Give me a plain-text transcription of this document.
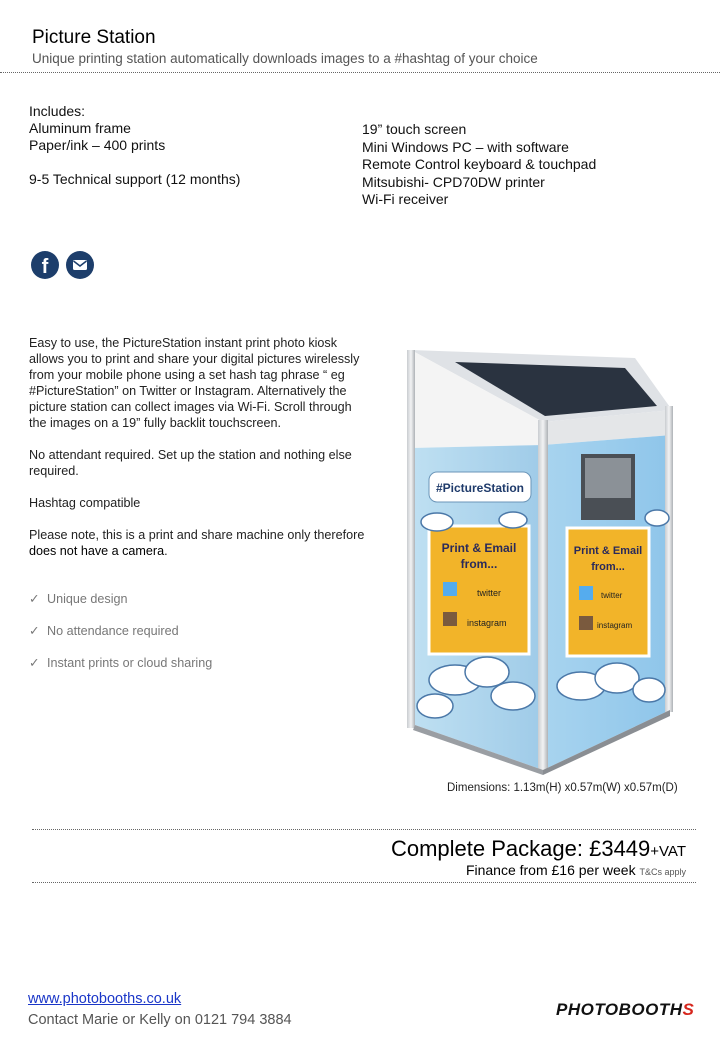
Picture Station
Unique printing station automatically downloads images to a #hashtag of your choice
Includes:
Aluminum frame
Paper/ink – 400 prints
9-5 Technical support (12 months)
19” touch screen
Mini Windows PC – with software
Remote Control keyboard & touchpad
Mitsubishi- CPD70DW printer
Wi-Fi receiver
f

Easy to use, the PictureStation instant print photo kiosk allows you to print and share your digital pictures wirelessly from your mobile phone using a set hash tag phrase “ eg #PictureStation” on Twitter or Instagram. Alternatively the picture station can collect images via Wi-Fi. Scroll through the images on a 19” fully backlit touchscreen.

No attendant required. Set up the station and nothing else required.

Hashtag compatible

Please note, this is a print and share machine only therefore does not have a camera.

✓ Unique design
✓ No attendance required
✓ Instant prints or cloud sharing
#PictureStation
Print & Email
from...
twitter
instagram
Print & Email
from...
twitter
instagram
Dimensions: 1.13m(H) x0.57m(W) x0.57m(D)
Complete Package: £3449+VAT
Finance from £16 per week T&Cs apply
www.photobooths.co.uk
Contact Marie or Kelly on 0121 794 3884
PHOTOBOOTHS
